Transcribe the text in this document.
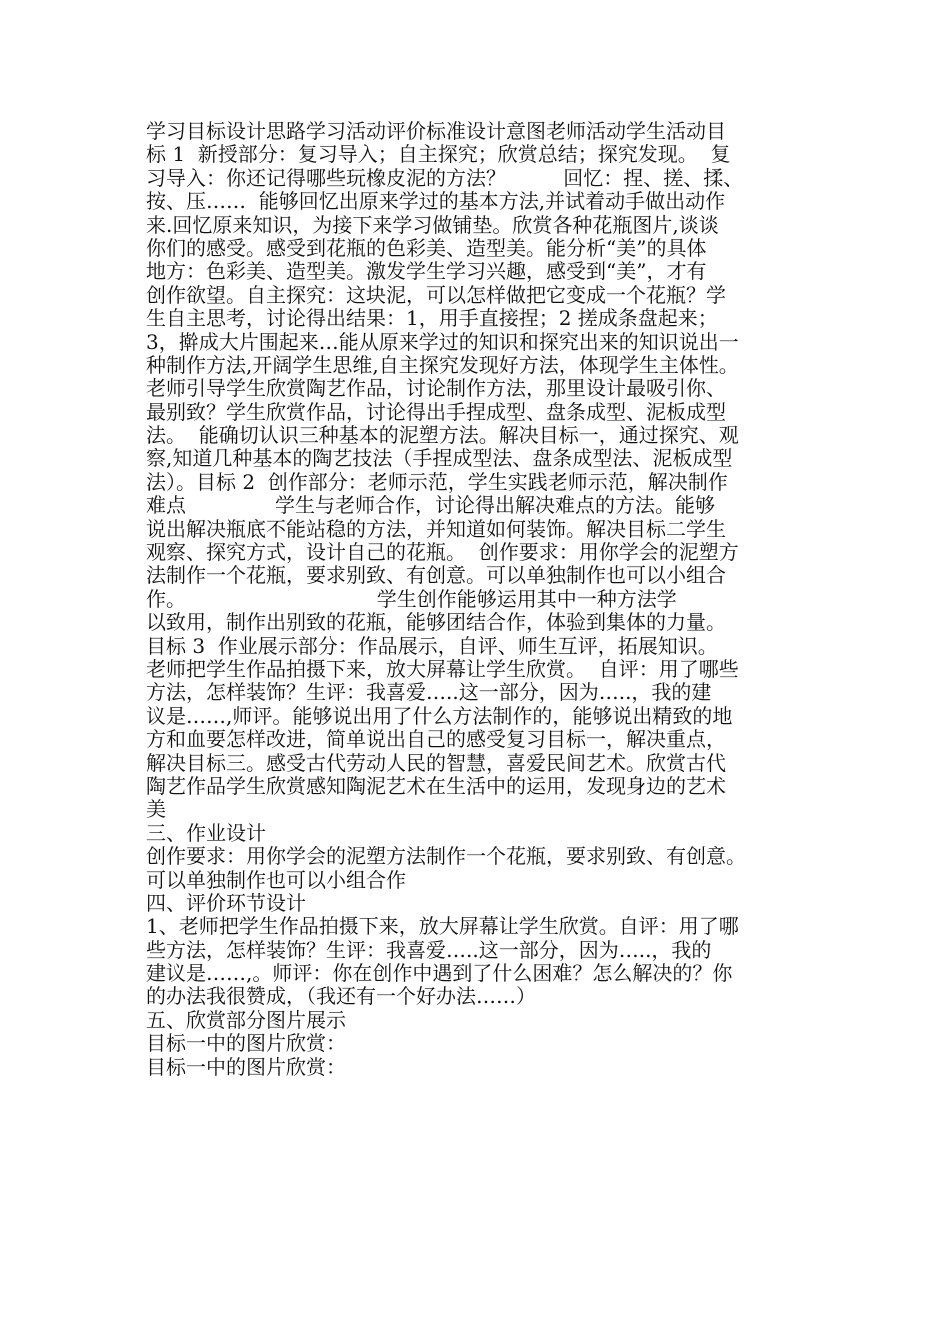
学习目标设计思路学习活动评价标准设计意图老师活动学生活动目
标 1  新授部分：复习导入；自主探究；欣赏总结；探究发现。  复
习导入：你还记得哪些玩橡皮泥的方法？         回忆：捏、搓、揉、
按、压……  能够回忆出原来学过的基本方法,并试着动手做出动作
来.回忆原来知识，为接下来学习做铺垫。欣赏各种花瓶图片,谈谈
你们的感受。感受到花瓶的色彩美、造型美。能分析“美”的具体
地方：色彩美、造型美。激发学生学习兴趣，感受到“美”，才有
创作欲望。自主探究：这块泥，可以怎样做把它变成一个花瓶？学
生自主思考，讨论得出结果：1，用手直接捏；2 搓成条盘起来；
3，擀成大片围起来…能从原来学过的知识和探究出来的知识说出一
种制作方法,开阔学生思维,自主探究发现好方法，体现学生主体性。
老师引导学生欣赏陶艺作品，讨论制作方法，那里设计最吸引你、
最别致？学生欣赏作品，讨论得出手捏成型、盘条成型、泥板成型
法。  能确切认识三种基本的泥塑方法。解决目标一，通过探究、观
察,知道几种基本的陶艺技法（手捏成型法、盘条成型法、泥板成型
法）。目标 2  创作部分：老师示范，学生实践老师示范，解决制作
难点              学生与老师合作，讨论得出解决难点的方法。能够
说出解决瓶底不能站稳的方法，并知道如何装饰。解决目标二学生
观察、探究方式，设计自己的花瓶。  创作要求：用你学会的泥塑方
法制作一个花瓶，要求别致、有创意。可以单独制作也可以小组合
作。                              学生创作能够运用其中一种方法学
以致用，制作出别致的花瓶，能够团结合作，体验到集体的力量。
目标 3  作业展示部分：作品展示，自评、师生互评，拓展知识。
老师把学生作品拍摄下来，放大屏幕让学生欣赏。  自评：用了哪些
方法，怎样装饰？生评：我喜爱…..这一部分，因为…..，我的建
议是……,师评。能够说出用了什么方法制作的，能够说出精致的地
方和血要怎样改进，简单说出自己的感受复习目标一，解决重点，
解决目标三。感受古代劳动人民的智慧，喜爱民间艺术。欣赏古代
陶艺作品学生欣赏感知陶泥艺术在生活中的运用，发现身边的艺术
美
三、作业设计
创作要求：用你学会的泥塑方法制作一个花瓶，要求别致、有创意。
可以单独制作也可以小组合作
四、评价环节设计
1、老师把学生作品拍摄下来，放大屏幕让学生欣赏。自评：用了哪
些方法，怎样装饰？生评：我喜爱…..这一部分，因为…..，我的
建议是……,。师评：你在创作中遇到了什么困难？怎么解决的？你
的办法我很赞成，（我还有一个好办法……）
五、欣赏部分图片展示
目标一中的图片欣赏：
目标一中的图片欣赏：
